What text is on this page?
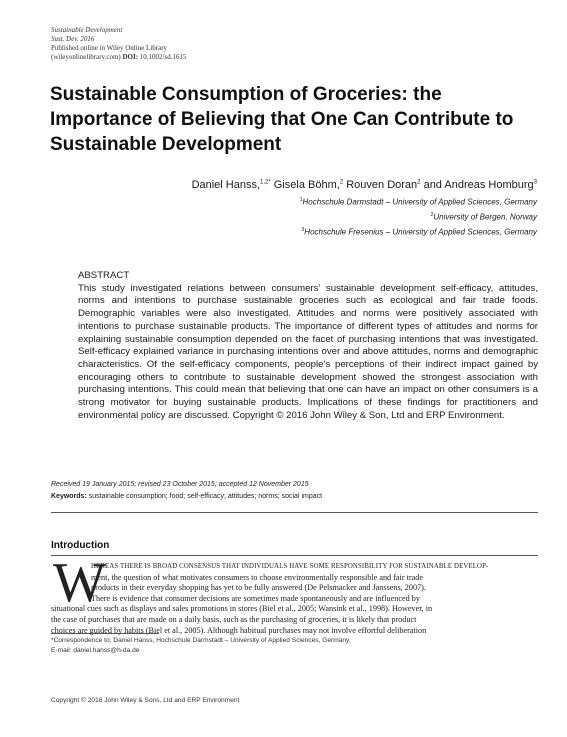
Sustainable Development
Sust. Dev. 2016
Published online in Wiley Online Library
(wileyonlinelibrary.com) DOI: 10.1002/sd.1615
Sustainable Consumption of Groceries: the
Importance of Believing that One Can Contribute to
Sustainable Development
Daniel Hanss,$^{1,2*}$ Gisela Böhm,$^2$ Rouven Doran$^2$ and Andreas Homburg$^3$
$^1$Hochschule Darmstadt – University of Applied Sciences, Germany
$^2$University of Bergen, Norway
$^3$Hochschule Fresenius – University of Applied Sciences, Germany
ABSTRACT
This study investigated relations between consumers’ sustainable development self-efficacy, attitudes, norms and intentions to purchase sustainable groceries such as ecological and fair trade foods. Demographic variables were also investigated. Attitudes and norms were positively associated with intentions to purchase sustainable products. The importance of different types of attitudes and norms for explaining sustainable consumption depended on the facet of purchasing intentions that was investigated. Self-efficacy explained variance in purchasing intentions over and above attitudes, norms and demographic characteristics. Of the self-efficacy components, people’s perceptions of their indirect impact gained by encouraging others to contribute to sustainable development showed the strongest association with purchasing intentions. This could mean that believing that one can have an impact on other consumers is a strong motivator for buying sustainable products. Implications of these findings for practitioners and environmental policy are discussed. Copyright © 2016 John Wiley & Son, Ltd and ERP Environment.
Received 19 January 2015; revised 23 October 2015; accepted 12 November 2015
Keywords: sustainable consumption; food; self-efficacy; attitudes; norms; social impact
Introduction
W
HEREAS THERE IS BROAD CONSENSUS THAT INDIVIDUALS HAVE SOME RESPONSIBILITY FOR SUSTAINABLE DEVELOP-
ment, the question of what motivates consumers to choose environmentally responsible and fair trade
products in their everyday shopping has yet to be fully answered (De Pelsmacker and Janssens, 2007).
There is evidence that consumer decisions are sometimes made spontaneously and are influenced by
situational cues such as displays and sales promotions in stores (Biel et al., 2005; Wansink et al., 1998). However, in
the case of purchases that are made on a daily basis, such as the purchasing of groceries, it is likely that product
choices are guided by habits (Biel et al., 2005). Although habitual purchases may not involve effortful deliberation
*Correspondence to: Daniel Hanss, Hochschule Darmstadt – University of Applied Sciences, Germany.
E-mail: daniel.hanss@h-da.de
Copyright © 2016 John Wiley & Sons, Ltd and ERP Environment
